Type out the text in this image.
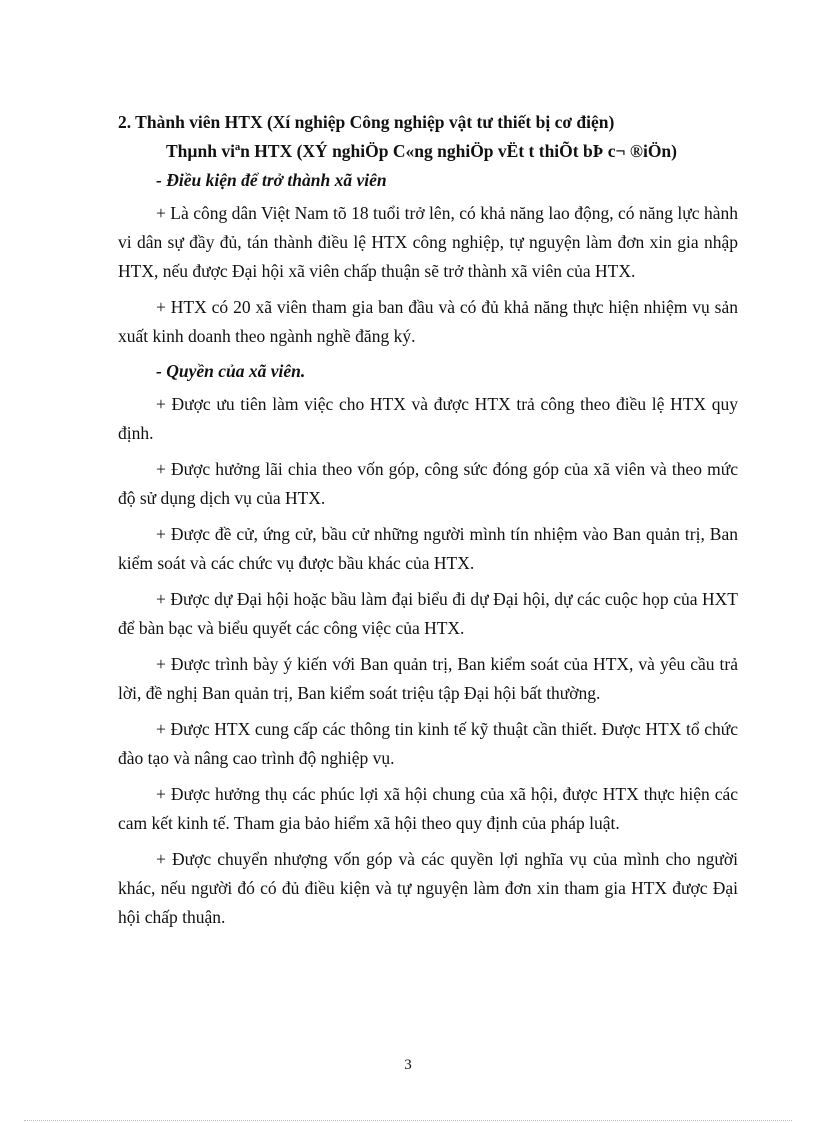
2. Thành viên HTX (Xí nghiệp Công nghiệp vật tư thiết bị cơ điện)

Thµnh viªn HTX (XÝ nghiÖp C«ng nghiÖp vËt t thiÕt bÞ c¬ ®iÖn)

- Điều kiện để trở thành xã viên

+ Là công dân Việt Nam tõ 18 tuổi trở lên, có khả năng lao động, có năng lực hành vi dân sự đầy đủ, tán thành điều lệ HTX công nghiệp, tự nguyện làm đơn xin gia nhập HTX, nếu được Đại hội xã viên chấp thuận sẽ trở thành xã viên của HTX.

+ HTX có 20 xã viên tham gia ban đầu và có đủ khả năng thực hiện nhiệm vụ sản xuất kinh doanh theo ngành nghề đăng ký.

- Quyền của xã viên.

+ Được ưu tiên làm việc cho HTX và được HTX trả công theo điều lệ HTX quy định.

+ Được hưởng lãi chia theo vốn góp, công sức đóng góp của xã viên và theo mức độ sử dụng dịch vụ của HTX.

+ Được đề cử, ứng cử, bầu cử những người mình tín nhiệm vào Ban quản trị, Ban kiểm soát và các chức vụ được bầu khác của HTX.

+ Được dự Đại hội hoặc bầu làm đại biểu đi dự Đại hội, dự các cuộc họp của HXT để bàn bạc và biểu quyết các công việc của HTX.

+ Được trình bày ý kiến với Ban quản trị, Ban kiểm soát của HTX, và yêu cầu trả lời, đề nghị Ban quản trị, Ban kiểm soát triệu tập Đại hội bất thường.

+ Được HTX cung cấp các thông tin kinh tế kỹ thuật cần thiết. Được HTX tổ chức đào tạo và nâng cao trình độ nghiệp vụ.

+ Được hưởng thụ các phúc lợi xã hội chung của xã hội, được HTX thực hiện các cam kết kinh tế. Tham gia bảo hiểm xã hội theo quy định của pháp luật.

+ Được chuyển nhượng vốn góp và các quyền lợi nghĩa vụ của mình cho người khác, nếu người đó có đủ điều kiện và tự nguyện làm đơn xin tham gia HTX được Đại hội chấp thuận.

3
